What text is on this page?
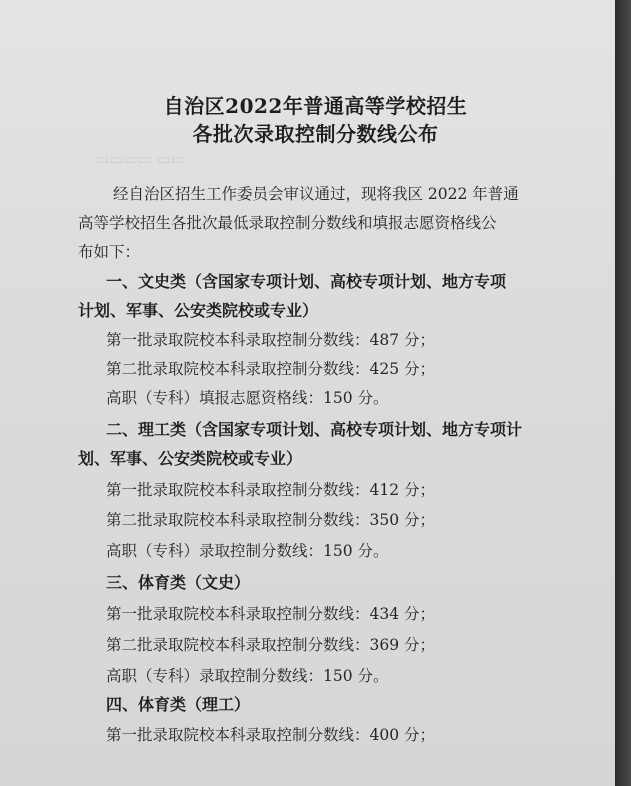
▭▭▭▭ ▭▭
自治区2022年普通高等学校招生
各批次录取控制分数线公布
经自治区招生工作委员会审议通过，现将我区 2022 年普通
高等学校招生各批次最低录取控制分数线和填报志愿资格线公
布如下：
一、文史类（含国家专项计划、高校专项计划、地方专项
计划、军事、公安类院校或专业）
第一批录取院校本科录取控制分数线：487 分；
第二批录取院校本科录取控制分数线：425 分；
高职（专科）填报志愿资格线：150 分。
二、理工类（含国家专项计划、高校专项计划、地方专项计
划、军事、公安类院校或专业）
第一批录取院校本科录取控制分数线：412 分；
第二批录取院校本科录取控制分数线：350 分；
高职（专科）录取控制分数线：150 分。
三、体育类（文史）
第一批录取院校本科录取控制分数线：434 分；
第二批录取院校本科录取控制分数线：369 分；
高职（专科）录取控制分数线：150 分。
四、体育类（理工）
第一批录取院校本科录取控制分数线：400 分；
